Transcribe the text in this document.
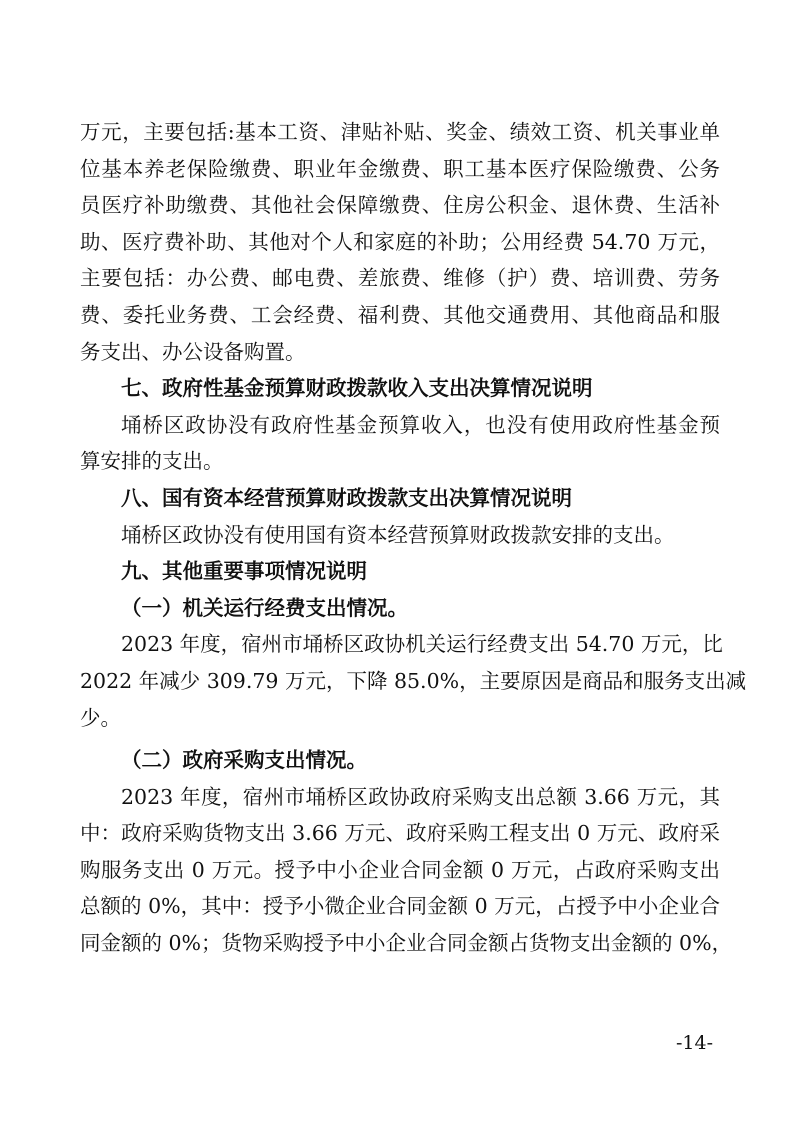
万元，主要包括:基本工资、津贴补贴、奖金、绩效工资、机关事业单
位基本养老保险缴费、职业年金缴费、职工基本医疗保险缴费、公务
员医疗补助缴费、其他社会保障缴费、住房公积金、退休费、生活补
助、医疗费补助、其他对个人和家庭的补助；公用经费 54.70 万元，
主要包括：办公费、邮电费、差旅费、维修（护）费、培训费、劳务
费、委托业务费、工会经费、福利费、其他交通费用、其他商品和服
务支出、办公设备购置。
七、政府性基金预算财政拨款收入支出决算情况说明
埇桥区政协没有政府性基金预算收入，也没有使用政府性基金预
算安排的支出。
八、国有资本经营预算财政拨款支出决算情况说明
埇桥区政协没有使用国有资本经营预算财政拨款安排的支出。
九、其他重要事项情况说明
（一）机关运行经费支出情况。
2023 年度，宿州市埇桥区政协机关运行经费支出 54.70 万元，比
2022 年减少 309.79 万元，下降 85.0%，主要原因是商品和服务支出减
少。
（二）政府采购支出情况。
2023 年度，宿州市埇桥区政协政府采购支出总额 3.66 万元，其
中：政府采购货物支出 3.66 万元、政府采购工程支出 0 万元、政府采
购服务支出 0 万元。授予中小企业合同金额 0 万元，占政府采购支出
总额的 0%，其中：授予小微企业合同金额 0 万元，占授予中小企业合
同金额的 0%；货物采购授予中小企业合同金额占货物支出金额的 0%，
-14-
